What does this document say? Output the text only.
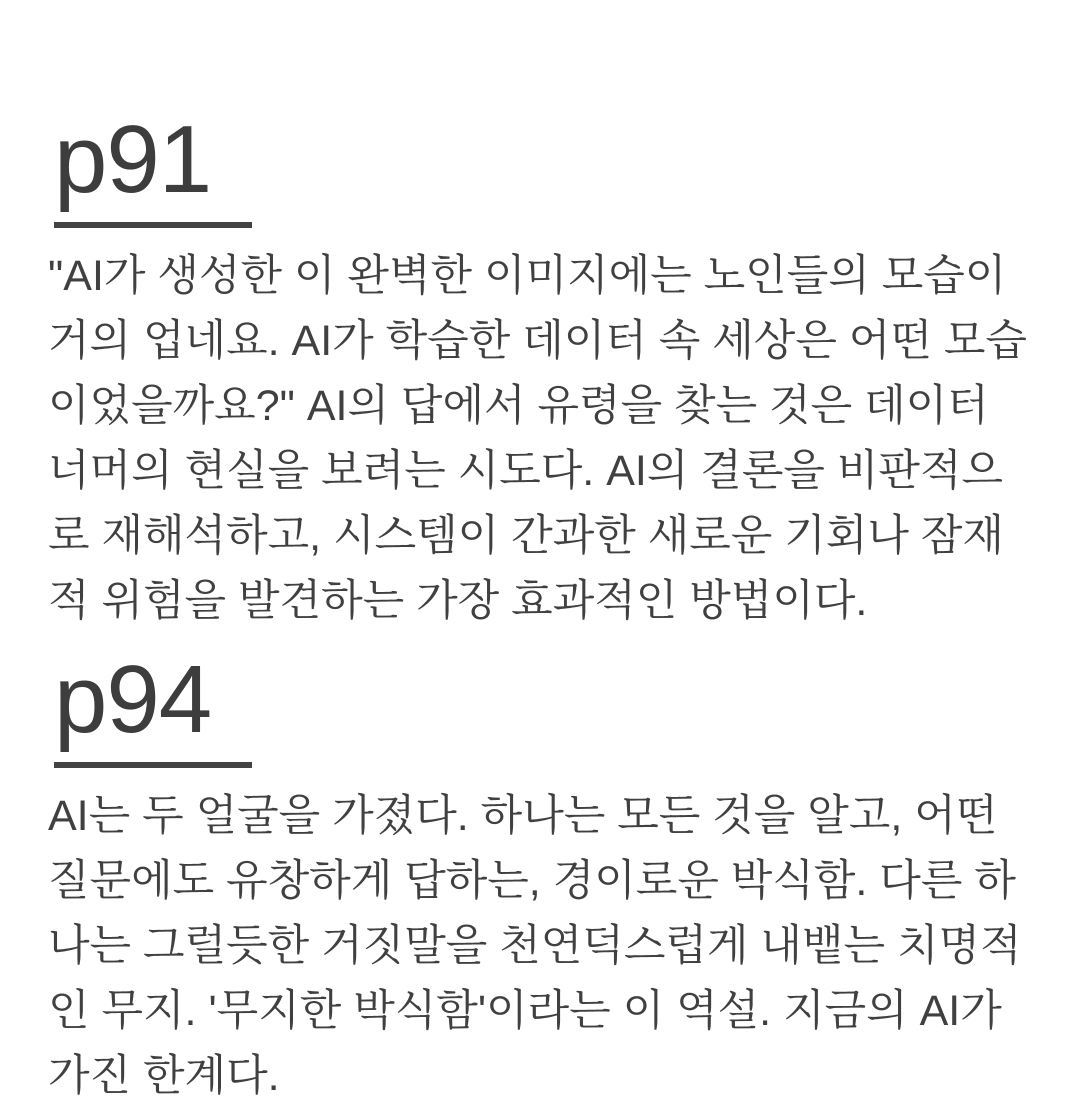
p91
"AI가 생성한 이 완벽한 이미지에는 노인들의 모습이 거의 업네요. AI가 학습한 데이터 속 세상은 어떤 모습이었을까요?" AI의 답에서 유령을 찾는 것은 데이터 너머의 현실을 보려는 시도다. AI의 결론을 비판적으로 재해석하고, 시스템이 간과한 새로운 기회나 잠재적 위험을 발견하는 가장 효과적인 방법이다.
p94
AI는 두 얼굴을 가졌다. 하나는 모든 것을 알고, 어떤 질문에도 유창하게 답하는, 경이로운 박식함. 다른 하나는 그럴듯한 거짓말을 천연덕스럽게 내뱉는 치명적인 무지. '무지한 박식함'이라는 이 역설. 지금의 AI가 가진 한계다.
